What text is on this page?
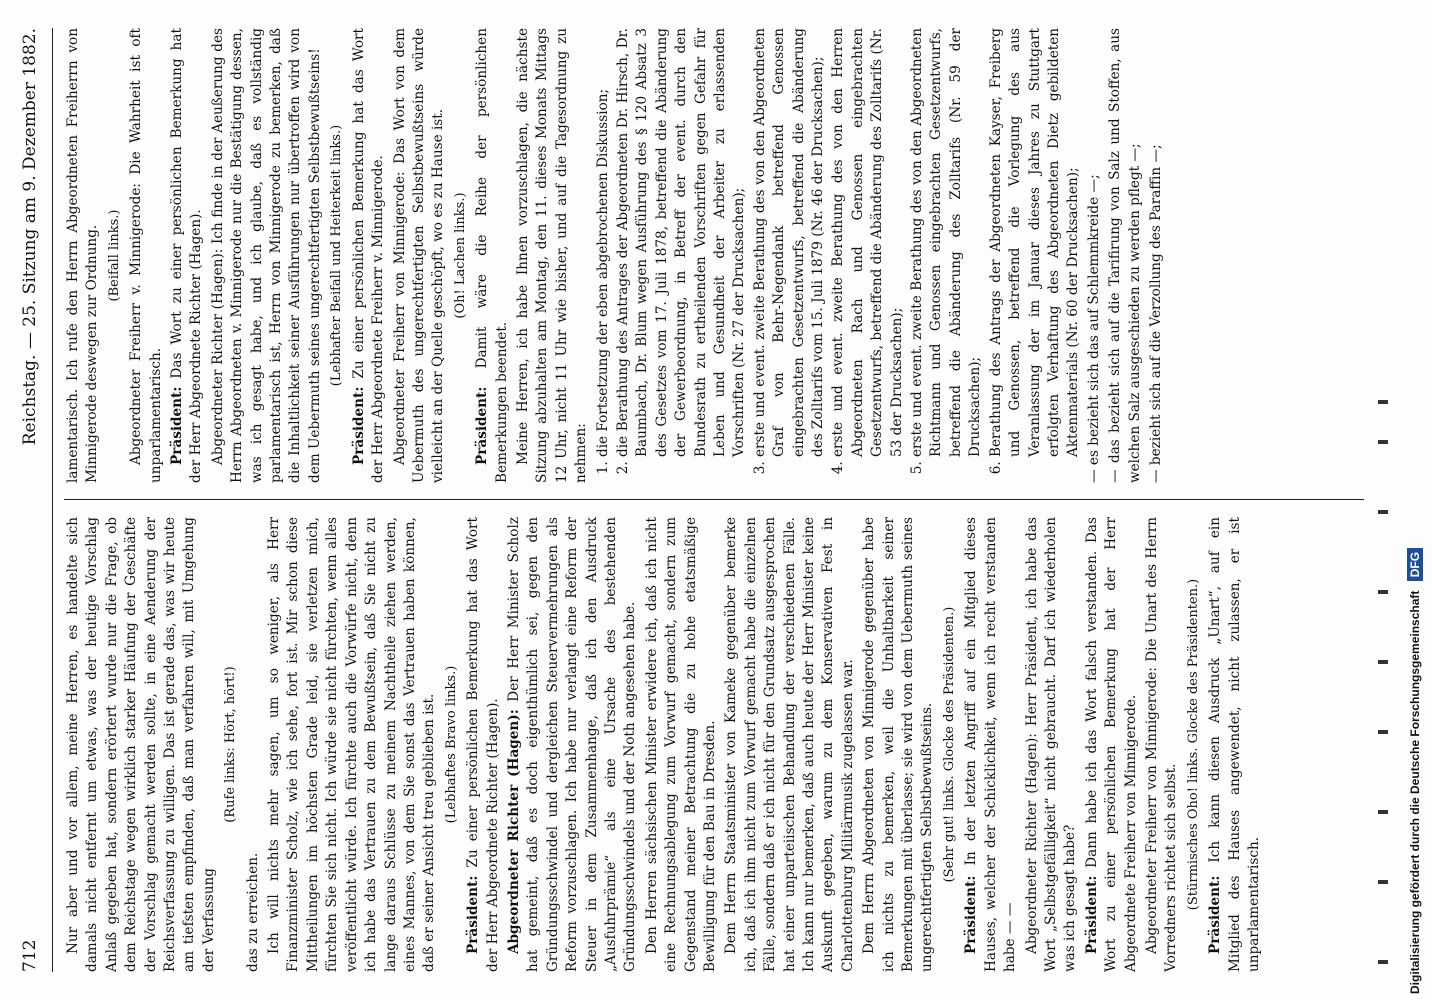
712
Reichstag. — 25. Sitzung am 9. Dezember 1882.
Nur aber und vor allem, meine Herren, es handelte sich damals nicht entfernt um etwas, was der heutige Vorschlag Anlaß gegeben hat, sondern erörtert wurde nur die Frage, ob dem Reichstage wegen wirklich starker Häufung der Geschäfte der Vorschlag gemacht werden sollte, in eine Aenderung der Reichsverfassung zu willigen. Das ist gerade das, was wir heute am tiefsten empfinden, daß man verfahren will, mit Umgehung der Verfassung
(Rufe links: Hört, hört!)
das zu erreichen. Ich will nichts mehr sagen, um so weniger, als Herr Finanzminister Scholz, wie ich sehe, fort ist. Mir schon diese Mittheilungen im höchsten Grade leid, sie verletzen mich, fürchten Sie sich nicht. Ich würde sie nicht fürchten, wenn alles veröffentlicht würde. Ich fürchte auch die Vorwürfe nicht, denn ich habe das Vertrauen zu dem Bewußtsein, daß Sie nicht zu lange daraus Schlüsse zu meinem Nachtheile ziehen werden, eines Mannes, von dem Sie sonst das Vertrauen haben können, daß er seiner Ansicht treu geblieben ist. (Lebhaftes Bravo links.)
Präsident: Zu einer persönlichen Bemerkung hat das Wort der Herr Abgeordnete Richter (Hagen). Abgeordneter Richter (Hagen): Der Herr Minister Scholz hat gemeint, daß es doch eigenthümlich sei, gegen den Gründungsschwindel und dergleichen Steuervermehrungen als Reform vorzuschlagen. Ich habe nur verlangt eine Reform der Steuer in dem Zusammenhange, daß ich den Ausdruck „Ausfuhrprämie“ als eine Ursache des bestehenden Gründungsschwindels und der Noth angesehen habe. Den Herren sächsischen Minister erwidere ich, daß ich nicht eine Rechnungsablegung zum Vorwurf gemacht, sondern zum Gegenstand meiner Betrachtung die zu hohe etatsmäßige Bewilligung für den Bau in Dresden. Dem Herrn Staatsminister von Kameke gegenüber bemerke ich, daß ich ihm nicht zum Vorwurf gemacht habe die einzelnen Fälle, sondern daß er ich nicht für den Grundsatz ausgesprochen hat einer unparteiischen Behandlung der verschiedenen Fälle. Ich kann nur bemerken, daß auch heute der Herr Minister keine Auskunft gegeben, warum zu dem Konservativen Fest in Charlottenburg Militärmusik zugelassen war. Dem Herrn Abgeordneten von Minnigerode gegenüber habe ich nichts zu bemerken, weil die Unhaltbarkeit seiner Bemerkungen mit überlasse; sie wird von dem Uebermuth seines ungerechtfertigten Selbstbewußtseins. (Sehr gut! links. Glocke des Präsidenten.)
Präsident: In der letzten Angriff auf ein Mitglied dieses Hauses, welcher der Schicklichkeit, wenn ich recht verstanden habe — — Abgeordneter Richter (Hagen): Herr Präsident, ich habe das Wort „Selbstgefälligkeit“ nicht gebraucht. Darf ich wiederholen was ich gesagt habe? Präsident: Dann habe ich das Wort falsch verstanden. Das Wort zu einer persönlichen Bemerkung hat der Herr Abgeordnete Freiherr von Minnigerode. Abgeordneter Freiherr von Minnigerode: Die Unart des Herrn Vorredners richtet sich selbst. (Stürmisches Oho! links. Glocke des Präsidenten.)
Präsident: Ich kann diesen Ausdruck „Unart“, auf ein Mitglied des Hauses angewendet, nicht zulassen, er ist unparlamentarisch.
lamentarisch. Ich rufe den Herrn Abgeordneten Freiherrn von Minnigerode deswegen zur Ordnung. (Beifall links.) Abgeordneter Freiherr v. Minnigerode: Die Wahrheit ist oft unparlamentarisch. Präsident: Das Wort zu einer persönlichen Bemerkung hat der Herr Abgeordnete Richter (Hagen). Abgeordneter Richter (Hagen): Ich finde in der Aeußerung des Herrn Abgeordneten v. Minnigerode nur die Bestätigung dessen, was ich gesagt habe, und ich glaube, daß es vollständig parlamentarisch ist, Herrn von Minnigerode zu bemerken, daß die Inhaltlichkeit seiner Ausführungen nur übertroffen wird von dem Uebermuth seines ungerechtfertigten Selbstbewußtseins! (Lebhafter Beifall und Heiterkeit links.)
Präsident: Zu einer persönlichen Bemerkung hat das Wort der Herr Abgeordnete Freiherr v. Minnigerode. Abgeordneter Freiherr von Minnigerode: Das Wort von dem Uebermuth des ungerechtfertigten Selbstbewußtseins würde vielleicht an der Quelle geschöpft, wo es zu Hause ist. (Oh! Lachen links.)
Präsident: Damit wäre die Reihe der persönlichen Bemerkungen beendet. Meine Herren, ich habe Ihnen vorzuschlagen, die nächste Sitzung abzuhalten am Montag, den 11. dieses Monats Mittags 12 Uhr, nicht 11 Uhr wie bisher, und auf die Tagesordnung zu nehmen: 1. die Fortsetzung der eben abgebrochenen Diskussion; 2. die Berathung des Antrages der Abgeordneten Dr. Hirsch, Dr. Baumbach, Dr. Blum wegen Ausführung des § 120 Absatz 3 des Gesetzes vom 17. Juli 1878, betreffend die Abänderung der Gewerbeordnung, in Betreff der event. durch den Bundesrath zu ertheilenden Vorschriften gegen Gefahr für Leben und Gesundheit der Arbeiter zu erlassenden Vorschriften (Nr. 27 der Drucksachen); 3. erste und event. zweite Berathung des von den Abgeordneten Graf von Behr-Negendank betreffend Genossen eingebrachten Gesetzentwurfs, betreffend die Abänderung des Zolltarifs vom 15. Juli 1879 (Nr. 46 der Drucksachen); 4. erste und event. zweite Berathung des von den Herren Abgeordneten Rach und Genossen eingebrachten Gesetzentwurfs, betreffend die Abänderung des Zolltarifs (Nr. 53 der Drucksachen); 5. erste und event. zweite Berathung des von den Abgeordneten Richtmann und Genossen eingebrachten Gesetzentwurfs, betreffend die Abänderung des Zolltarifs (Nr. 59 der Drucksachen); 6. Berathung des Antrags der Abgeordneten Kayser, Freiberg und Genossen, betreffend die Vorlegung des aus Veranlassung der im Januar dieses Jahres zu Stuttgart erfolgten Verhaftung des Abgeordneten Dietz gebildeten Aktenmaterials (Nr. 60 der Drucksachen); — es bezieht sich das auf Schlemmkreide —; — das bezieht sich auf die Tarifirung von Salz und Stoffen, aus welchen Salz ausgeschieden zu werden pflegt —; — bezieht sich auf die Verzollung des Paraffin —;
Digitalisierung gefördert durch die Deutsche Forschungsgemeinschaft DFG
